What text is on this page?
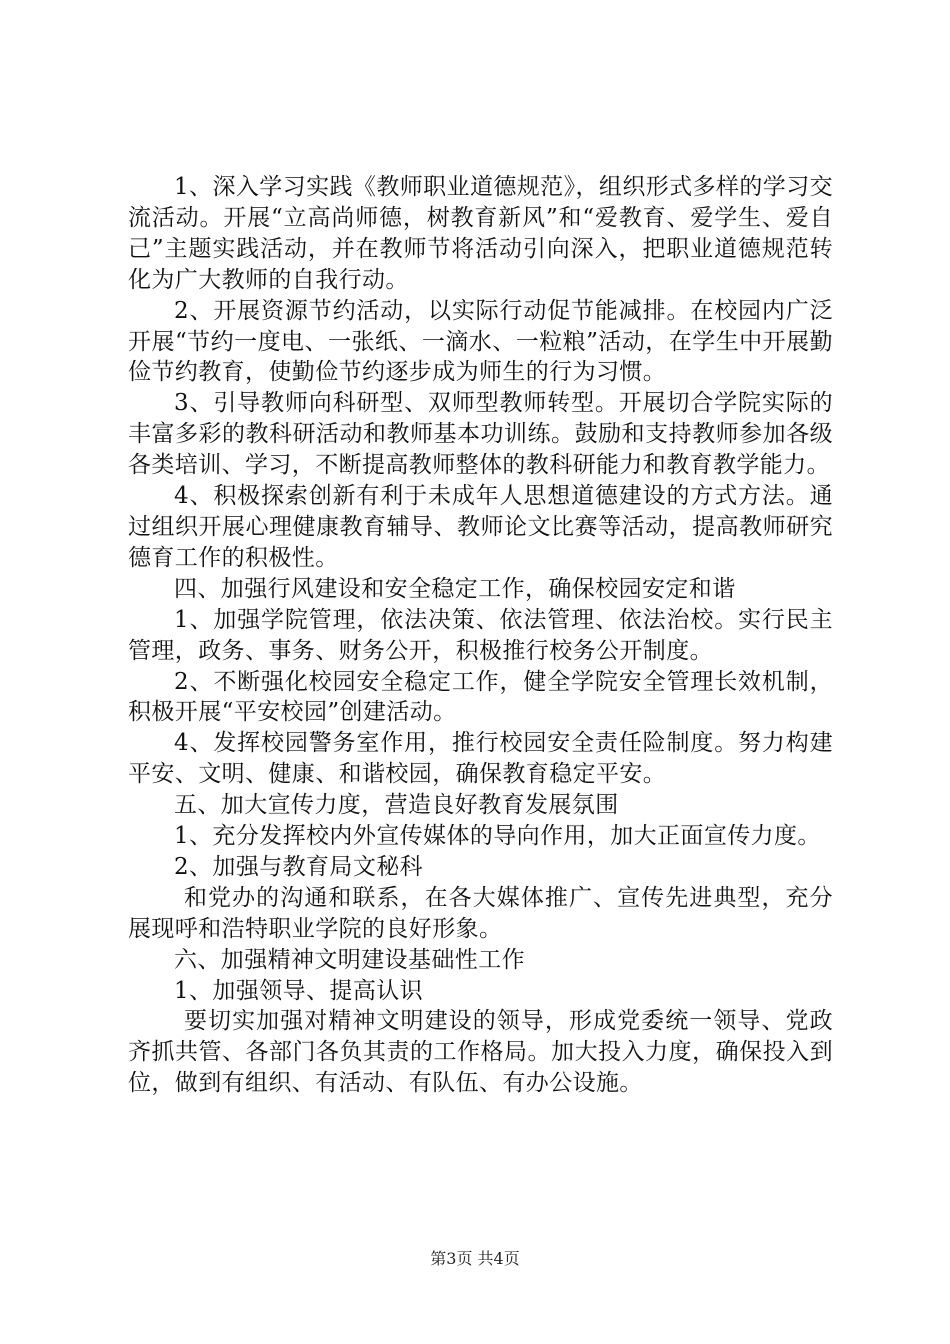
1、深入学习实践《教师职业道德规范》，组织形式多样的学习交流活动。开展“立高尚师德，树教育新风”和“爱教育、爱学生、爱自己”主题实践活动，并在教师节将活动引向深入，把职业道德规范转化为广大教师的自我行动。

2、开展资源节约活动，以实际行动促节能减排。在校园内广泛开展“节约一度电、一张纸、一滴水、一粒粮”活动，在学生中开展勤俭节约教育，使勤俭节约逐步成为师生的行为习惯。

3、引导教师向科研型、双师型教师转型。开展切合学院实际的丰富多彩的教科研活动和教师基本功训练。鼓励和支持教师参加各级各类培训、学习，不断提高教师整体的教科研能力和教育教学能力。

4、积极探索创新有利于未成年人思想道德建设的方式方法。通过组织开展心理健康教育辅导、教师论文比赛等活动，提高教师研究德育工作的积极性。

四、加强行风建设和安全稳定工作，确保校园安定和谐

1、加强学院管理，依法决策、依法管理、依法治校。实行民主管理，政务、事务、财务公开，积极推行校务公开制度。

2、不断强化校园安全稳定工作，健全学院安全管理长效机制，积极开展“平安校园”创建活动。

4、发挥校园警务室作用，推行校园安全责任险制度。努力构建平安、文明、健康、和谐校园，确保教育稳定平安。

五、加大宣传力度，营造良好教育发展氛围

1、充分发挥校内外宣传媒体的导向作用，加大正面宣传力度。

2、加强与教育局文秘科

和党办的沟通和联系，在各大媒体推广、宣传先进典型，充分展现呼和浩特职业学院的良好形象。

六、加强精神文明建设基础性工作

1、加强领导、提高认识

要切实加强对精神文明建设的领导，形成党委统一领导、党政齐抓共管、各部门各负其责的工作格局。加大投入力度，确保投入到位，做到有组织、有活动、有队伍、有办公设施。

第3页 共4页
